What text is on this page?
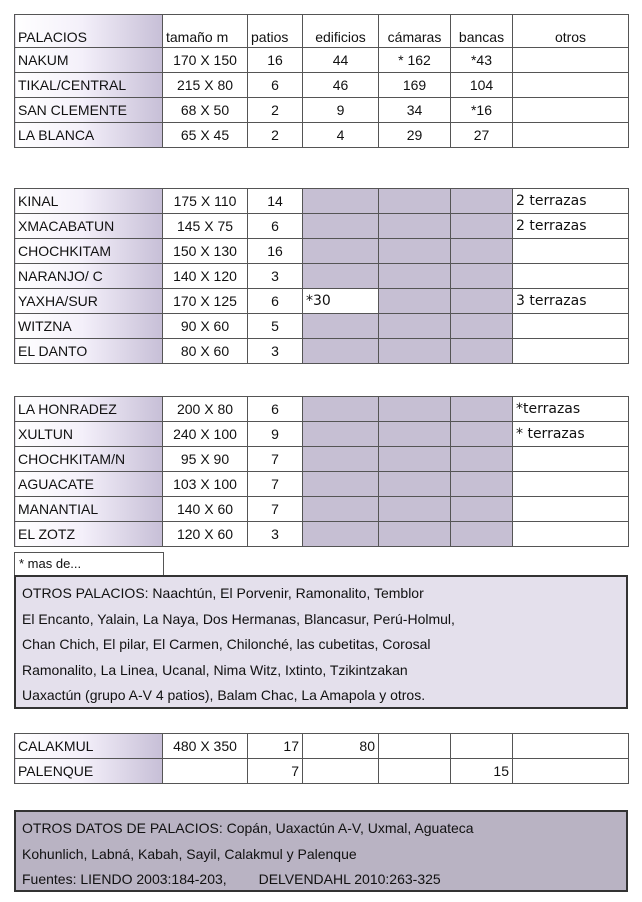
PALACIOS	tamaño m	patios	edificios	cámaras	bancas	otros
NAKUM	170 X 150	16	44	* 162	*43	
TIKAL/CENTRAL	215 X 80	6	46	169	104	
SAN CLEMENTE	68 X 50	2	9	34	*16	
LA BLANCA	65 X 45	2	4	29	27	
KINAL	175 X 110	14				2 terrazas
XMACABATUN	145 X 75	6				2 terrazas
CHOCHKITAM	150 X 130	16				
NARANJO/ C	140 X 120	3				
YAXHA/SUR	170 X 125	6	*30			3 terrazas
WITZNA	90 X 60	5				
EL DANTO	80 X 60	3				
LA HONRADEZ	200 X 80	6				*terrazas
XULTUN	240 X 100	9				* terrazas
CHOCHKITAM/N	95 X 90	7				
AGUACATE	103 X 100	7				
MANANTIAL	140 X 60	7				
EL ZOTZ	120 X 60	3				
* mas de...
OTROS PALACIOS: Naachtún, El Porvenir, Ramonalito, Temblor
El Encanto, Yalain, La Naya, Dos Hermanas, Blancasur, Perú-Holmul,
Chan Chich, El pilar, El Carmen, Chilonché, las cubetitas, Corosal
Ramonalito, La Linea, Ucanal, Nima Witz, Ixtinto, Tzikintzakan
Uaxactún (grupo A-V 4 patios), Balam Chac, La Amapola y otros.
CALAKMUL	480 X 350	17	80			
PALENQUE		7			15	
OTROS DATOS DE PALACIOS: Copán, Uaxactún A-V, Uxmal, Aguateca
Kohunlich, Labná, Kabah, Sayil, Calakmul y Palenque
Fuentes: LIENDO 2003:184-203, DELVENDAHL 2010:263-325
